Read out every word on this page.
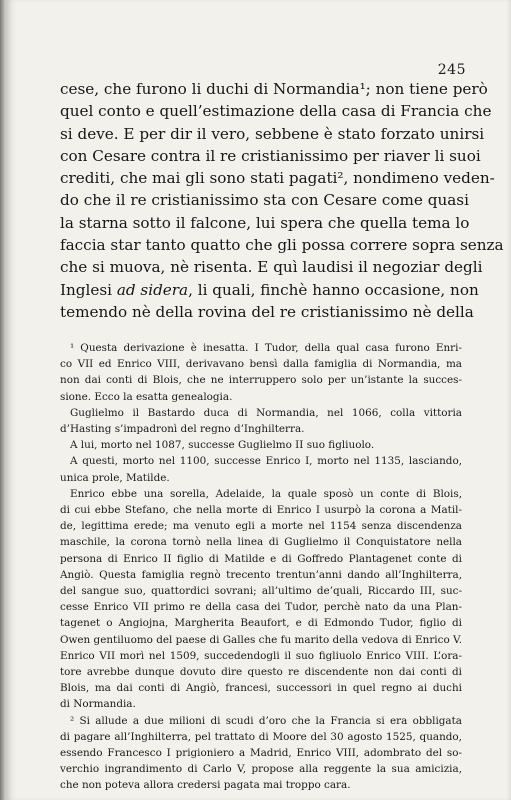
245
cese, che furono li duchi di Normandia¹; non tiene però
quel conto e quell’estimazione della casa di Francia che
si deve. E per dir il vero, sebbene è stato forzato unirsi
con Cesare contra il re cristianissimo per riaver li suoi
crediti, che mai gli sono stati pagati², nondimeno veden-
do che il re cristianissimo sta con Cesare come quasi
la starna sotto il falcone, lui spera che quella tema lo
faccia star tanto quatto che gli possa correre sopra senza
che si muova, nè risenta. E quì laudisi il negoziar degli
Inglesi ad sidera, li quali, finchè hanno occasione, non
temendo nè della rovina del re cristianissimo nè della
¹ Questa derivazione è inesatta. I Tudor, della qual casa furono Enri-
co VII ed Enrico VIII, derivavano bensì dalla famiglia di Normandia, ma
non dai conti di Blois, che ne interruppero solo per un’istante la succes-
sione. Ecco la esatta genealogia.
Guglielmo il Bastardo duca di Normandia, nel 1066, colla vittoria
d’Hasting s’impadronì del regno d’Inghilterra.
A lui, morto nel 1087, successe Guglielmo II suo figliuolo.
A questi, morto nel 1100, successe Enrico I, morto nel 1135, lasciando,
unica prole, Matilde.
Enrico ebbe una sorella, Adelaide, la quale sposò un conte di Blois,
di cui ebbe Stefano, che nella morte di Enrico I usurpò la corona a Matil-
de, legittima erede; ma venuto egli a morte nel 1154 senza discendenza
maschile, la corona tornò nella linea di Guglielmo il Conquistatore nella
persona di Enrico II figlio di Matilde e di Goffredo Plantagenet conte di
Angiò. Questa famiglia regnò trecento trentun’anni dando all’Inghilterra,
del sangue suo, quattordici sovrani; all’ultimo de’quali, Riccardo III, suc-
cesse Enrico VII primo re della casa dei Tudor, perchè nato da una Plan-
tagenet o Angiojna, Margherita Beaufort, e di Edmondo Tudor, figlio di
Owen gentiluomo del paese di Galles che fu marito della vedova di Enrico V.
Enrico VII morì nel 1509, succedendogli il suo figliuolo Enrico VIII. L’ora-
tore avrebbe dunque dovuto dire questo re discendente non dai conti di
Blois, ma dai conti di Angiò, francesi, successori in quel regno ai duchi
di Normandia.
² Si allude a due milioni di scudi d’oro che la Francia si era obbligata
di pagare all’Inghilterra, pel trattato di Moore del 30 agosto 1525, quando,
essendo Francesco I prigioniero a Madrid, Enrico VIII, adombrato del so-
verchio ingrandimento di Carlo V, propose alla reggente la sua amicizia,
che non poteva allora credersi pagata mai troppo cara.
